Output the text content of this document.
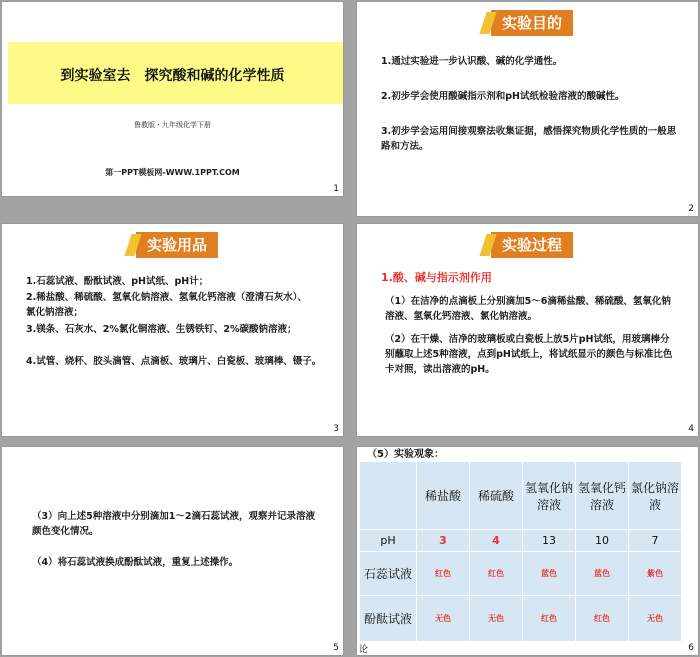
到实验室去　探究酸和碱的化学性质
鲁教版・九年级化学下册
第一PPT模板网-WWW.1PPT.COM
1
实验目的
1.通过实验进一步认识酸、碱的化学通性。
2.初步学会使用酸碱指示剂和pH试纸检验溶液的酸碱性。
3.初步学会运用间接观察法收集证据，感悟探究物质化学性质的一般思路和方法。
2
实验用品
1.石蕊试液、酚酞试液、pH试纸、pH计；
2.稀盐酸、稀硫酸、氢氧化钠溶液、氢氧化钙溶液（澄清石灰水）、氯化钠溶液；
3.镁条、石灰水、2%氯化铜溶液、生锈铁钉、2%碳酸钠溶液；
4.试管、烧杯、胶头滴管、点滴板、玻璃片、白瓷板、玻璃棒、镊子。
3
实验过程
1.酸、碱与指示剂作用
（1）在洁净的点滴板上分别滴加5～6滴稀盐酸、稀硫酸、氢氧化钠溶液、氢氧化钙溶液、氯化钠溶液。
（2）在干燥、洁净的玻璃板或白瓷板上放5片pH试纸，用玻璃棒分别蘸取上述5种溶液，点到pH试纸上，将试纸显示的颜色与标准比色卡对照，读出溶液的pH。
4
（3）向上述5种溶液中分别滴加1～2滴石蕊试液，观察并记录溶液颜色变化情况。
（4）将石蕊试液换成酚酞试液，重复上述操作。
5
（5）实验观象：
	稀盐酸	稀硫酸	氢氧化钠溶液	氢氧化钙溶液	氯化钠溶液
pH	3	4	13	10	7
石蕊试液	红色	红色	蓝色	蓝色	紫色
酚酞试液	无色	无色	红色	红色	无色
论	6
